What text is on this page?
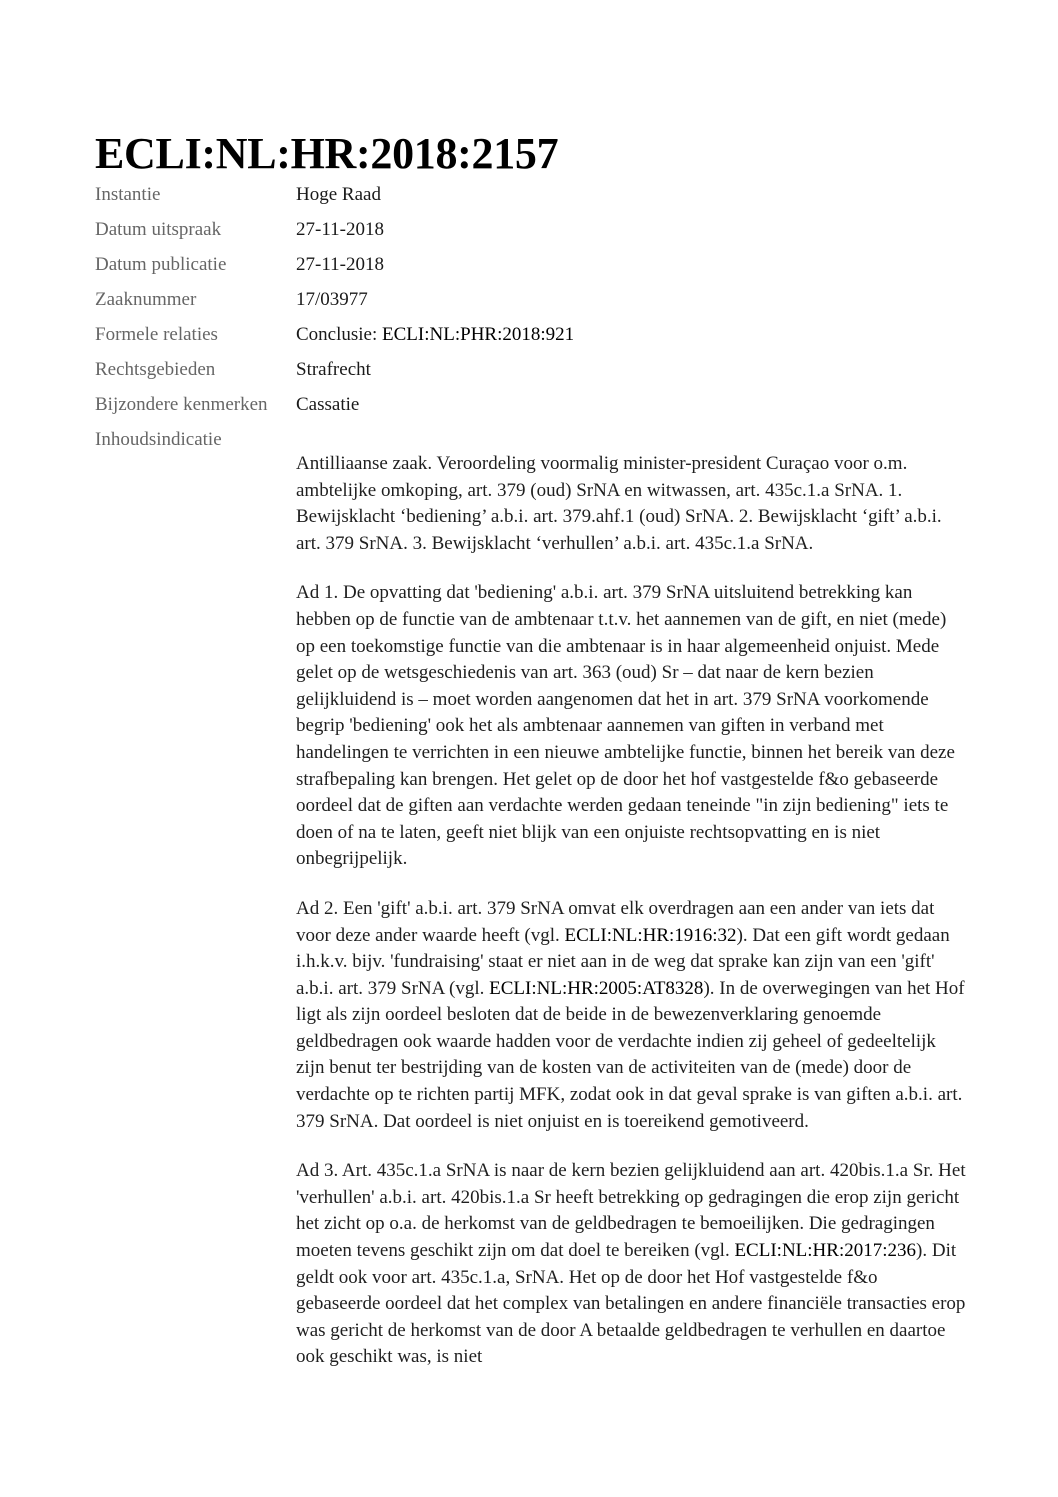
ECLI:NL:HR:2018:2157
Instantie	Hoge Raad
Datum uitspraak	27-11-2018
Datum publicatie	27-11-2018
Zaaknummer	17/03977
Formele relaties	Conclusie: ECLI:NL:PHR:2018:921
Rechtsgebieden	Strafrecht
Bijzondere kenmerken	Cassatie
Inhoudsindicatie

Antilliaanse zaak. Veroordeling voormalig minister-president Curaçao voor o.m. ambtelijke omkoping, art. 379 (oud) SrNA en witwassen, art. 435c.1.a SrNA. 1. Bewijsklacht ‘bediening’ a.b.i. art. 379.ahf.1 (oud) SrNA. 2. Bewijsklacht ‘gift’ a.b.i. art. 379 SrNA. 3. Bewijsklacht ‘verhullen’ a.b.i. art. 435c.1.a SrNA.

Ad 1. De opvatting dat 'bediening' a.b.i. art. 379 SrNA uitsluitend betrekking kan hebben op de functie van de ambtenaar t.t.v. het aannemen van de gift, en niet (mede) op een toekomstige functie van die ambtenaar is in haar algemeenheid onjuist. Mede gelet op de wetsgeschiedenis van art. 363 (oud) Sr – dat naar de kern bezien gelijkluidend is – moet worden aangenomen dat het in art. 379 SrNA voorkomende begrip 'bediening' ook het als ambtenaar aannemen van giften in verband met handelingen te verrichten in een nieuwe ambtelijke functie, binnen het bereik van deze strafbepaling kan brengen. Het gelet op de door het hof vastgestelde f&o gebaseerde oordeel dat de giften aan verdachte werden gedaan teneinde "in zijn bediening" iets te doen of na te laten, geeft niet blijk van een onjuiste rechtsopvatting en is niet onbegrijpelijk.

Ad 2. Een 'gift' a.b.i. art. 379 SrNA omvat elk overdragen aan een ander van iets dat voor deze ander waarde heeft (vgl. ECLI:NL:HR:1916:32). Dat een gift wordt gedaan i.h.k.v. bijv. 'fundraising' staat er niet aan in de weg dat sprake kan zijn van een 'gift' a.b.i. art. 379 SrNA (vgl. ECLI:NL:HR:2005:AT8328). In de overwegingen van het Hof ligt als zijn oordeel besloten dat de beide in de bewezenverklaring genoemde geldbedragen ook waarde hadden voor de verdachte indien zij geheel of gedeeltelijk zijn benut ter bestrijding van de kosten van de activiteiten van de (mede) door de verdachte op te richten partij MFK, zodat ook in dat geval sprake is van giften a.b.i. art. 379 SrNA. Dat oordeel is niet onjuist en is toereikend gemotiveerd.

Ad 3. Art. 435c.1.a SrNA is naar de kern bezien gelijkluidend aan art. 420bis.1.a Sr. Het 'verhullen' a.b.i. art. 420bis.1.a Sr heeft betrekking op gedragingen die erop zijn gericht het zicht op o.a. de herkomst van de geldbedragen te bemoeilijken. Die gedragingen moeten tevens geschikt zijn om dat doel te bereiken (vgl. ECLI:NL:HR:2017:236). Dit geldt ook voor art. 435c.1.a, SrNA. Het op de door het Hof vastgestelde f&o gebaseerde oordeel dat het complex van betalingen en andere financiële transacties erop was gericht de herkomst van de door A betaalde geldbedragen te verhullen en daartoe ook geschikt was, is niet
